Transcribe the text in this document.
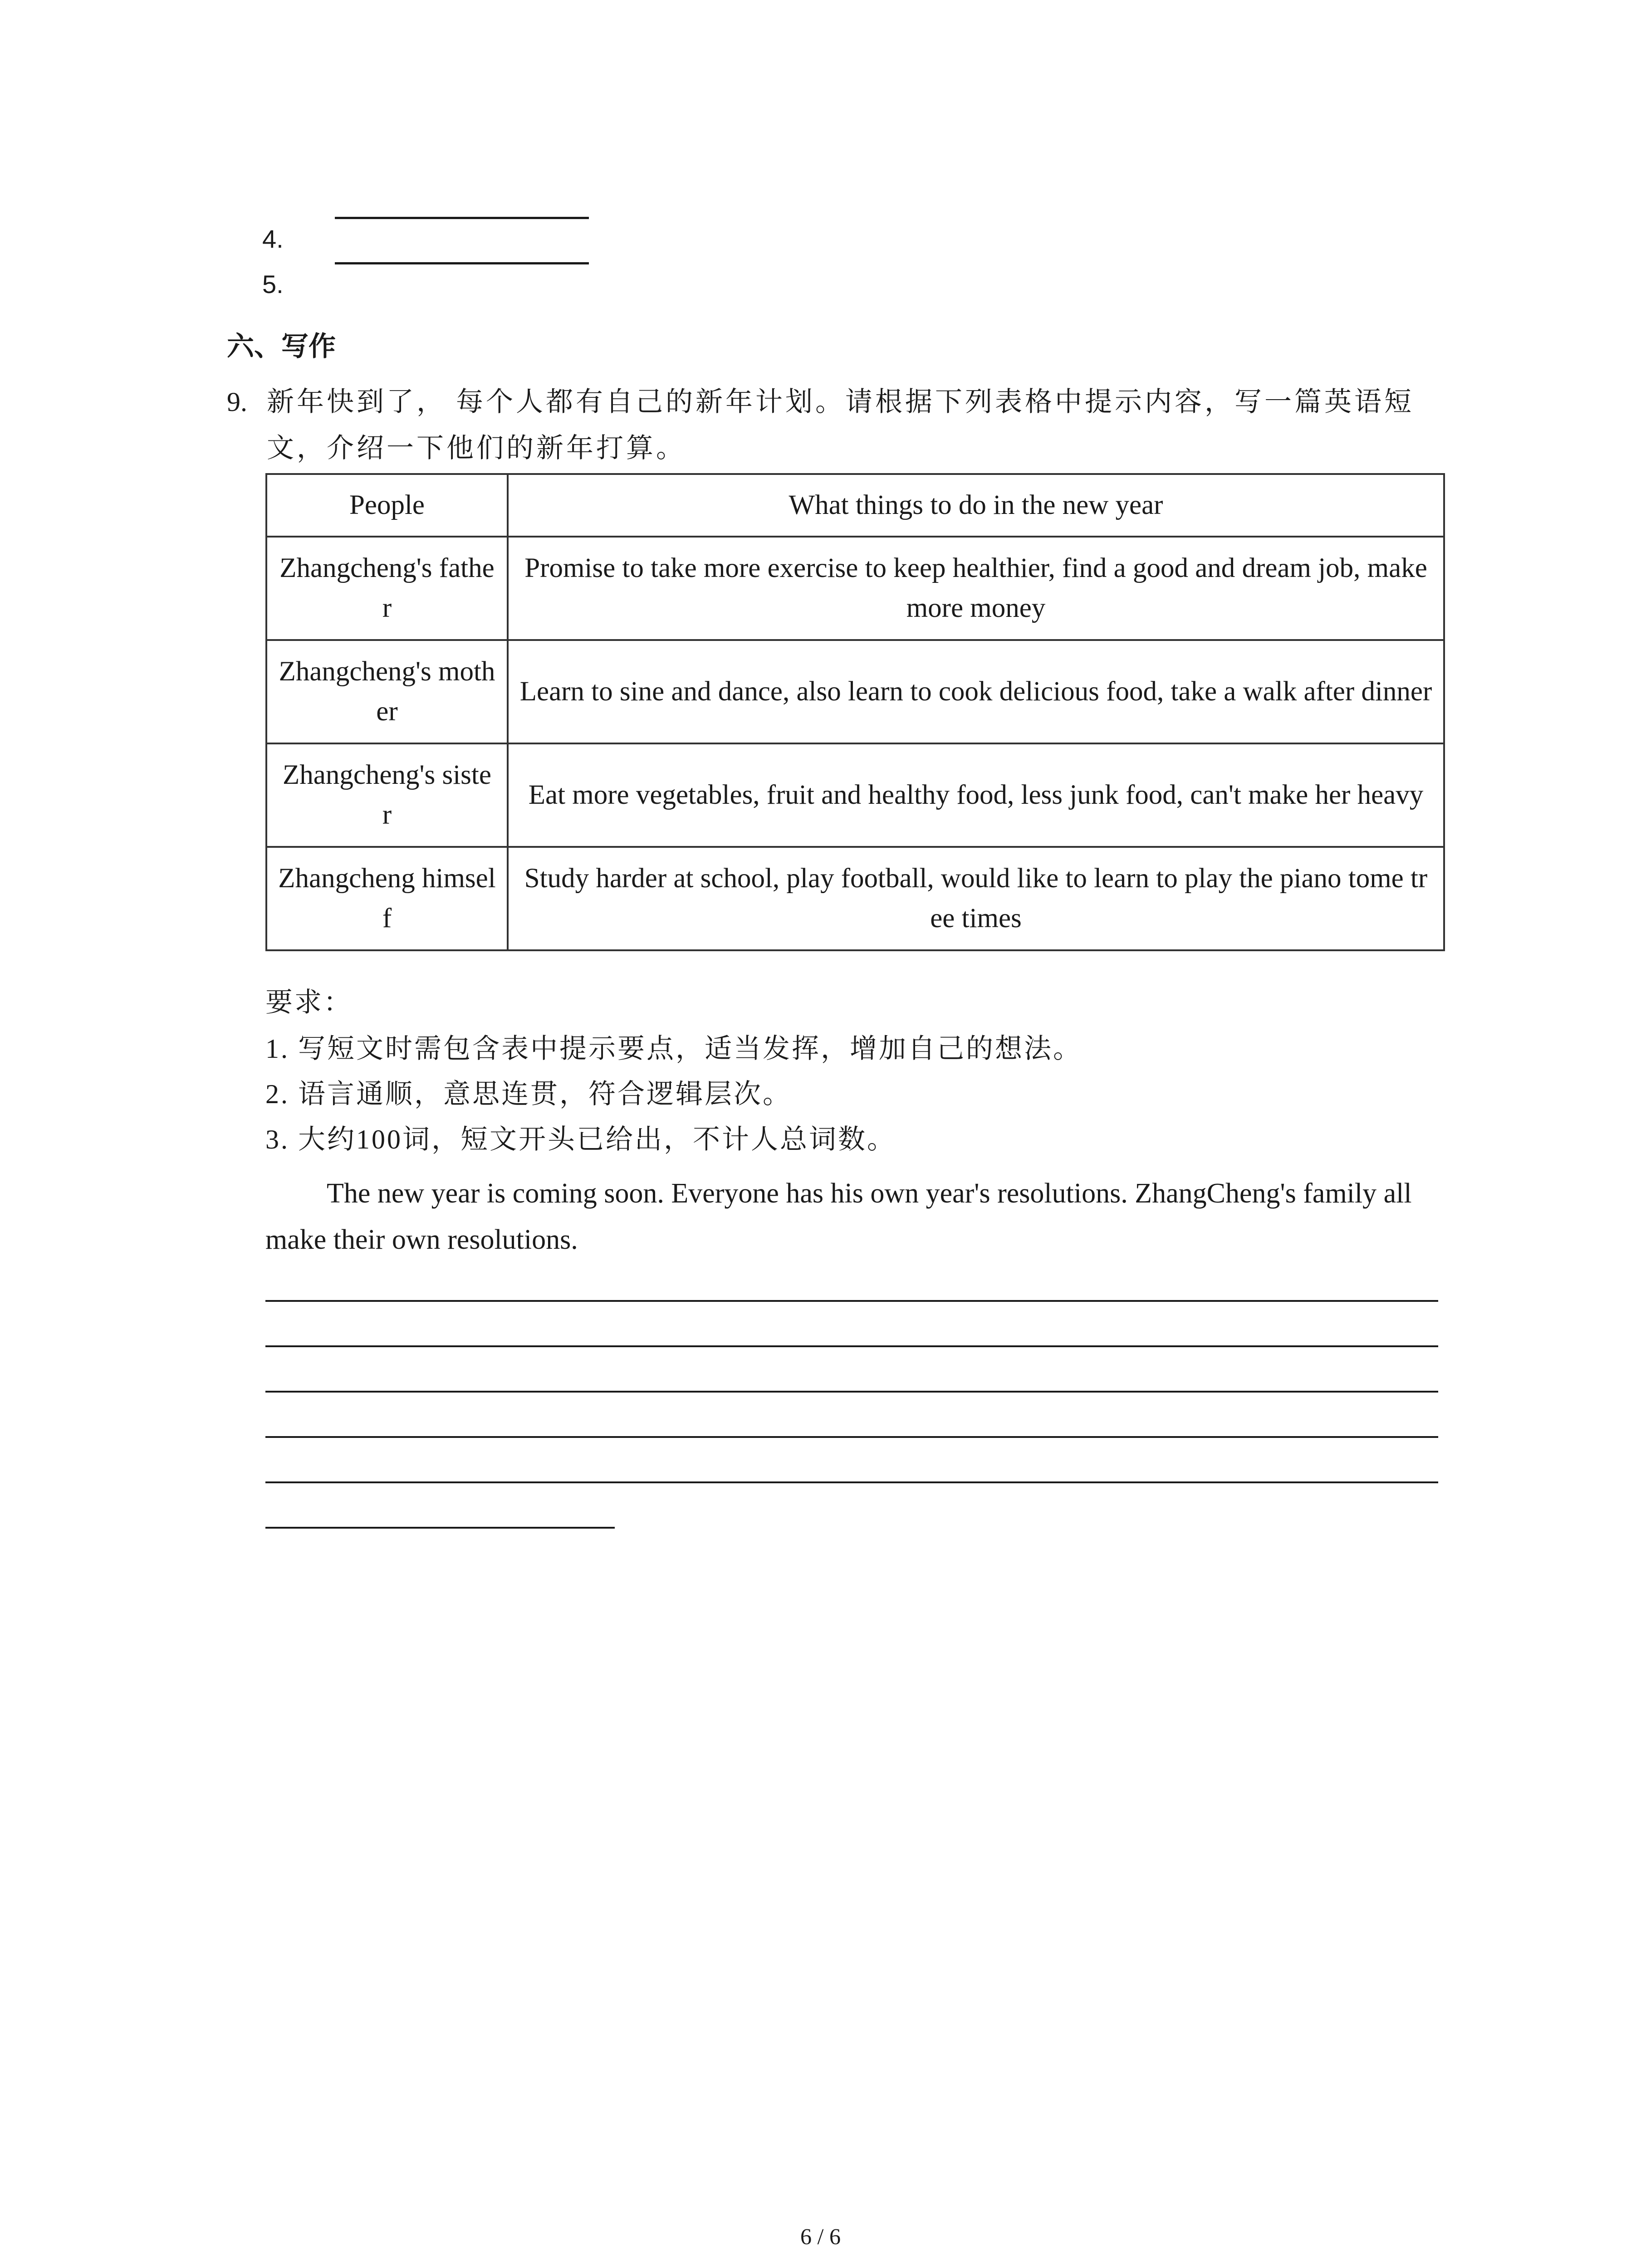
4.
5.
六、写作
9. 新年快到了， 每个人都有自己的新年计划。请根据下列表格中提示内容，写一篇英语短文，介绍一下他们的新年打算。
People	What things to do in the new year
Zhangcheng's father	Promise to take more exercise to keep healthier, find a good and dream job, make more money
Zhangcheng's mother	Learn to sine and dance, also learn to cook delicious food, take a walk after dinner
Zhangcheng's sister	Eat more vegetables, fruit and healthy food, less junk food, can't make her heavy
Zhangcheng himself	Study harder at school, play football, would like to learn to play the piano tome tree times
要求：
1. 写短文时需包含表中提示要点，适当发挥，增加自己的想法。
2. 语言通顺，意思连贯，符合逻辑层次。
3. 大约100词，短文开头已给出，不计人总词数。
The new year is coming soon. Everyone has his own year's resolutions. ZhangCheng's family all make their own resolutions.
6 / 6
